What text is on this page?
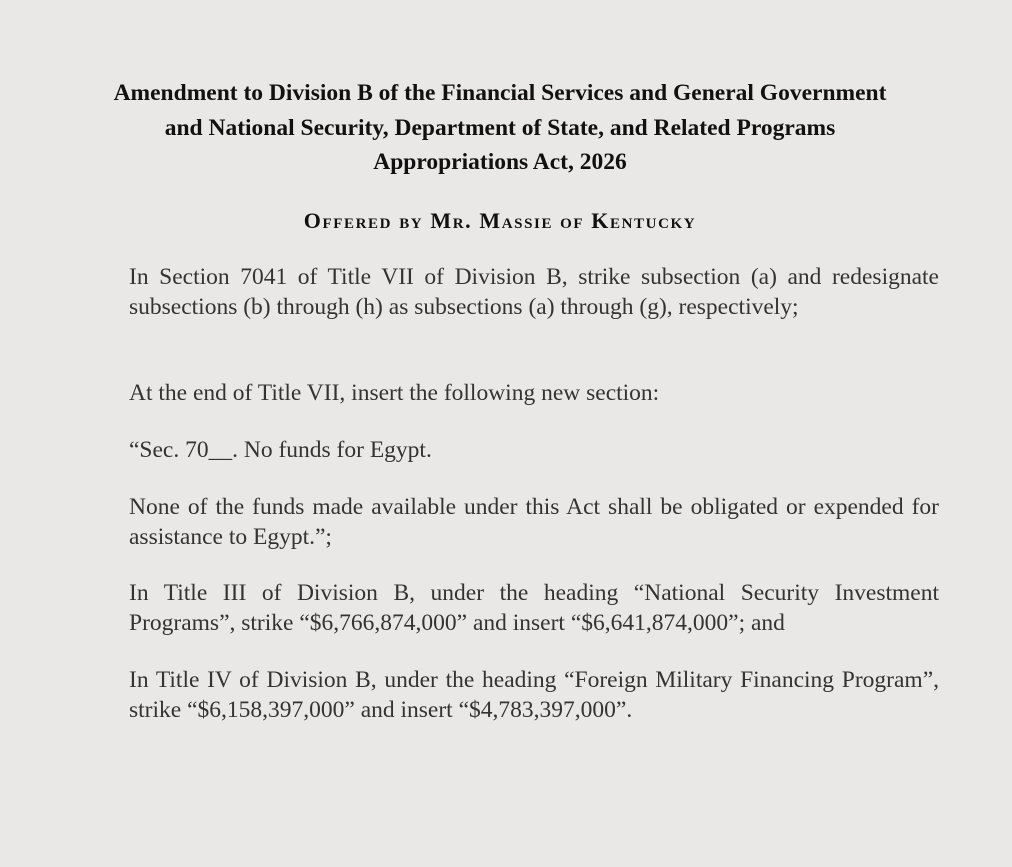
Amendment to Division B of the Financial Services and General Government
and National Security, Department of State, and Related Programs
Appropriations Act, 2026
Offered by Mr. Massie of Kentucky
In Section 7041 of Title VII of Division B, strike subsection (a) and redesignate subsections (b) through (h) as subsections (a) through (g), respectively;
At the end of Title VII, insert the following new section:
“Sec. 70__. No funds for Egypt.
None of the funds made available under this Act shall be obligated or expended for assistance to Egypt.”;
In Title III of Division B, under the heading “National Security Investment Programs”, strike “$6,766,874,000” and insert “$6,641,874,000”; and
In Title IV of Division B, under the heading “Foreign Military Financing Program”, strike “$6,158,397,000” and insert “$4,783,397,000”.
